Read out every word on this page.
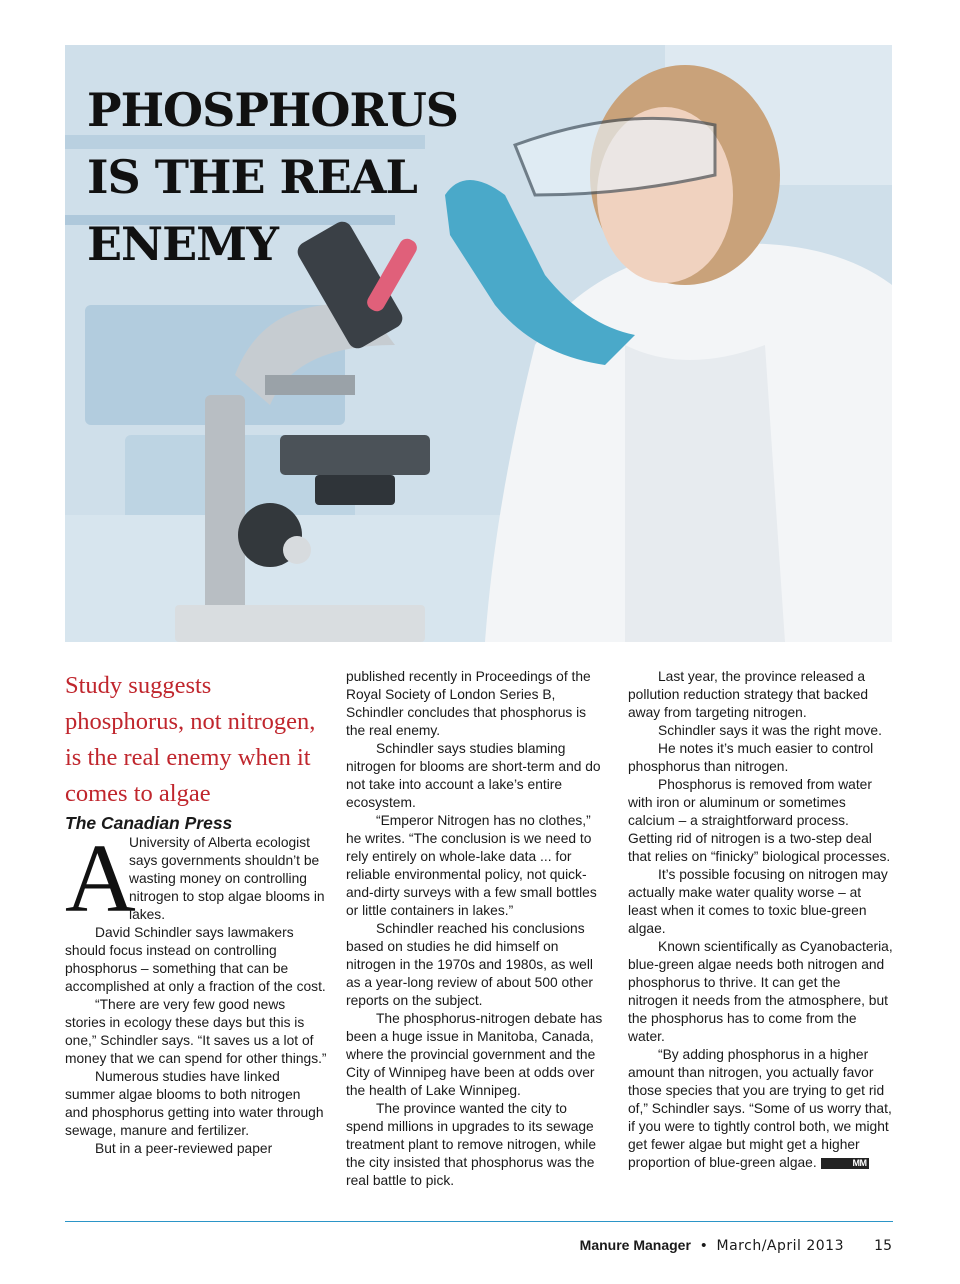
PHOSPHORUS
IS THE REAL
ENEMY

Study suggests phosphorus, not nitrogen, is the real enemy when it comes to algae

The Canadian Press

A

University of Alberta ecologist says governments shouldn’t be wasting money on controlling nitrogen to stop algae blooms in lakes.

David Schindler says lawmakers should focus instead on controlling phosphorus – something that can be accomplished at only a fraction of the cost.

“There are very few good news stories in ecology these days but this is one,” Schindler says. “It saves us a lot of money that we can spend for other things.”

Numerous studies have linked summer algae blooms to both nitrogen and phosphorus getting into water through sewage, manure and fertilizer.

But in a peer-reviewed paper

published recently in Proceedings of the Royal Society of London Series B, Schindler concludes that phosphorus is the real enemy.

Schindler says studies blaming nitrogen for blooms are short-term and do not take into account a lake’s entire ecosystem.

“Emperor Nitrogen has no clothes,” he writes. “The conclusion is we need to rely entirely on whole-lake data ... for reliable environmental policy, not quick-and-dirty surveys with a few small bottles or little containers in lakes.”

Schindler reached his conclusions based on studies he did himself on nitrogen in the 1970s and 1980s, as well as a year-long review of about 500 other reports on the subject.

The phosphorus-nitrogen debate has been a huge issue in Manitoba, Canada, where the provincial government and the City of Winnipeg have been at odds over the health of Lake Winnipeg.

The province wanted the city to spend millions in upgrades to its sewage treatment plant to remove nitrogen, while the city insisted that phosphorus was the real battle to pick.

Last year, the province released a pollution reduction strategy that backed away from targeting nitrogen.

Schindler says it was the right move.

He notes it’s much easier to control phosphorus than nitrogen.

Phosphorus is removed from water with iron or aluminum or sometimes calcium – a straightforward process. Getting rid of nitrogen is a two-step deal that relies on “finicky” biological processes.

It’s possible focusing on nitrogen may actually make water quality worse – at least when it comes to toxic blue-green algae.

Known scientifically as Cyanobacteria, blue-green algae needs both nitrogen and phosphorus to thrive. It can get the nitrogen it needs from the atmosphere, but the phosphorus has to come from the water.

“By adding phosphorus in a higher amount than nitrogen, you actually favor those species that you are trying to get rid of,” Schindler says. “Some of us worry that, if you were to tightly control both, we might get fewer algae but might get a higher proportion of blue-green algae.	MM

Manure Manager • March/April 2013 15
